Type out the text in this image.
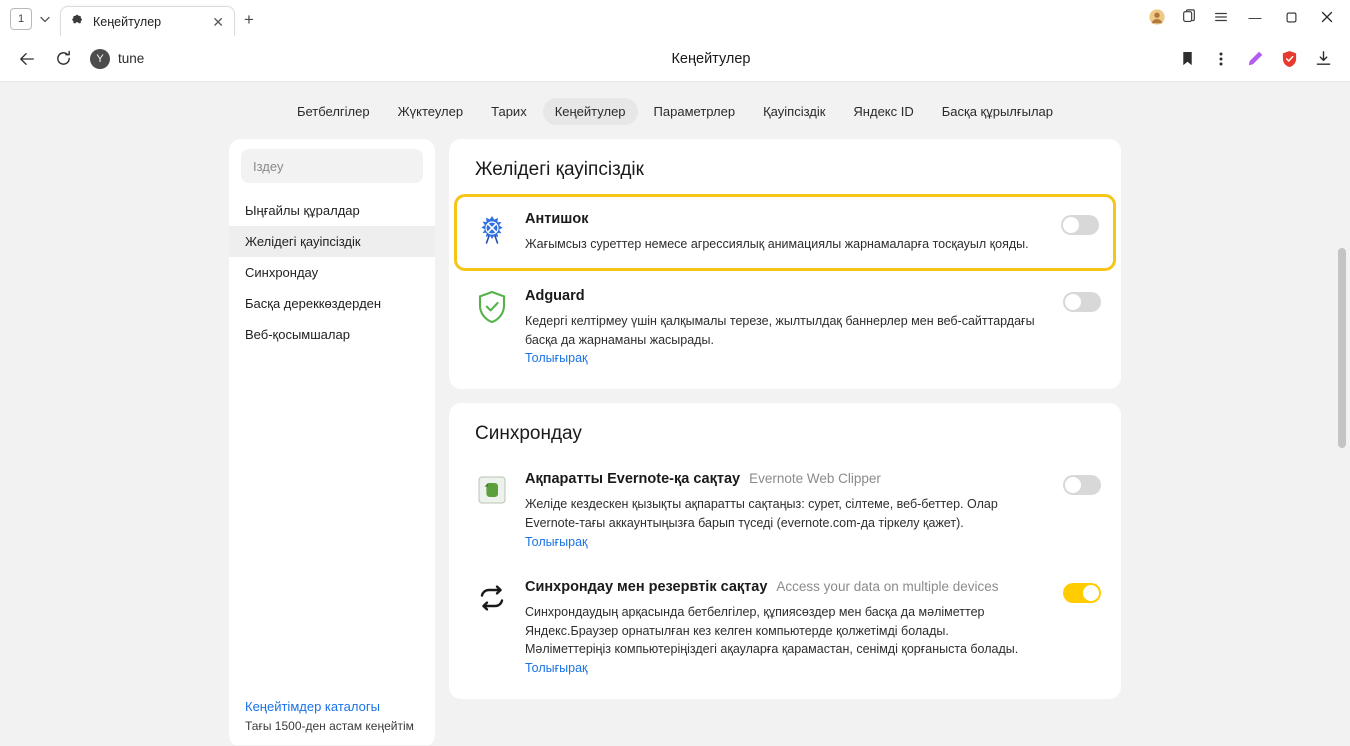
1	Кеңейтулер	✕	+	—
Y	tune	Кеңейтулер
Бетбелгілер	Жүктеулер	Тарих	Кеңейтулер	Параметрлер	Қауіпсіздік	Яндекс ID	Басқа құрылғылар
Іздеу
Ыңғайлы құралдар
Желідегі қауіпсіздік
Синхрондау
Басқа дереккөздерден
Веб-қосымшалар
Кеңейтімдер каталогы
Тағы 1500-ден астам кеңейтім
Желідегі қауіпсіздік
Антишок
Жағымсыз суреттер немесе агрессиялық анимациялы жарнамаларға тосқауыл қояды.
Adguard
Кедергі келтірмеу үшін қалқымалы терезе, жылтылдақ баннерлер мен веб-сайттардағы басқа да жарнаманы жасырады.
Толығырақ
Синхрондау
Ақпаратты Evernote-қа сақтау Evernote Web Clipper
Желіде кездескен қызықты ақпаратты сақтаңыз: сурет, сілтеме, веб-беттер. Олар Evernote-тағы аккаунтыңызға барып түседі (evernote.com-да тіркелу қажет).
Толығырақ
Синхрондау мен резервтік сақтау Access your data on multiple devices
Синхрондаудың арқасында бетбелгілер, құпиясөздер мен басқа да мәліметтер Яндекс.Браузер орнатылған кез келген компьютерде қолжетімді болады. Мәліметтеріңіз компьютеріңіздегі ақауларға қарамастан, сенімді қорғаныста болады.
Толығырақ
